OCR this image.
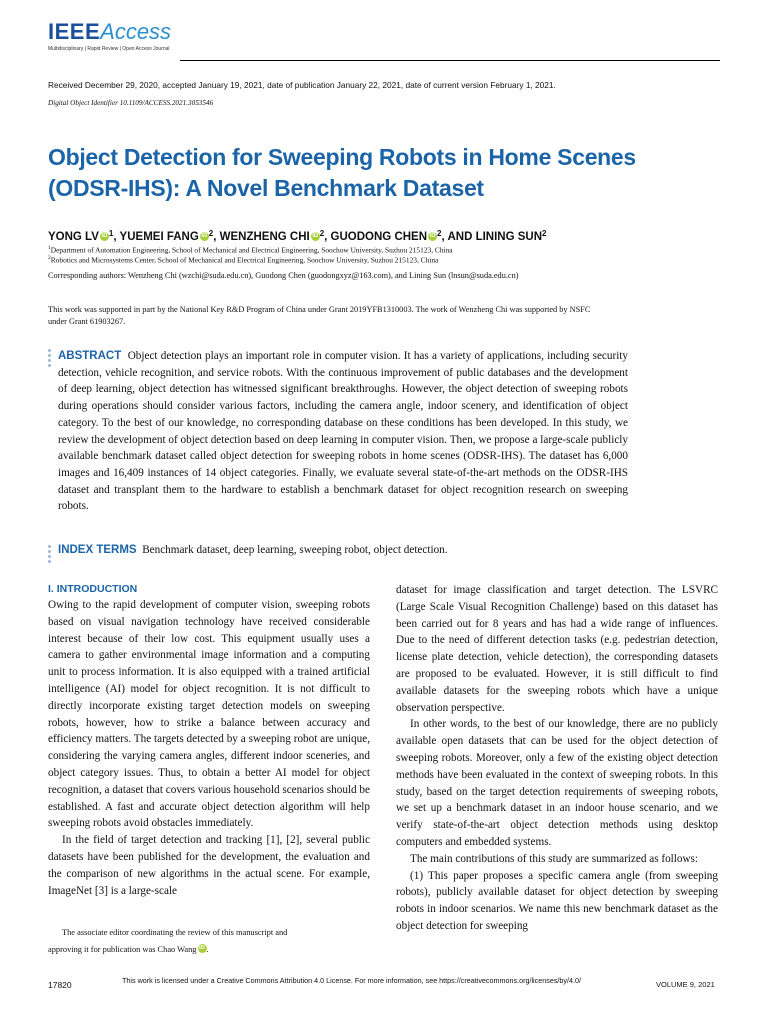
IEEEAccess
Multidisciplinary | Rapid Review | Open Access Journal
Received December 29, 2020, accepted January 19, 2021, date of publication January 22, 2021, date of current version February 1, 2021.
Digital Object Identifier 10.1109/ACCESS.2021.3053546
Object Detection for Sweeping Robots in Home Scenes (ODSR-IHS): A Novel Benchmark Dataset
YONG LV iD $^1$, YUEMEI FANG iD $^2$, WENZHENG CHI iD $^2$, GUODONG CHEN iD $^2$, AND LINING SUN$^2$
$^1$Department of Automation Engineering, School of Mechanical and Electrical Engineering, Soochow University, Suzhou 215123, China
$^2$Robotics and Microsystems Center, School of Mechanical and Electrical Engineering, Soochow University, Suzhou 215123, China
Corresponding authors: Wenzheng Chi (wzchi@suda.edu.cn), Guodong Chen (guodongxyz@163.com), and Lining Sun (lnsun@suda.edu.cn)
This work was supported in part by the National Key R&D Program of China under Grant 2019YFB1310003. The work of Wenzheng Chi was supported by NSFC under Grant 61903267.
ABSTRACT Object detection plays an important role in computer vision. It has a variety of applications, including security detection, vehicle recognition, and service robots. With the continuous improvement of public databases and the development of deep learning, object detection has witnessed significant breakthroughs. However, the object detection of sweeping robots during operations should consider various factors, including the camera angle, indoor scenery, and identification of object category. To the best of our knowledge, no corresponding database on these conditions has been developed. In this study, we review the development of object detection based on deep learning in computer vision. Then, we propose a large-scale publicly available benchmark dataset called object detection for sweeping robots in home scenes (ODSR-IHS). The dataset has 6,000 images and 16,409 instances of 14 object categories. Finally, we evaluate several state-of-the-art methods on the ODSR-IHS dataset and transplant them to the hardware to establish a benchmark dataset for object recognition research on sweeping robots.
INDEX TERMS Benchmark dataset, deep learning, sweeping robot, object detection.
I. INTRODUCTION

Owing to the rapid development of computer vision, sweeping robots based on visual navigation technology have received considerable interest because of their low cost. This equipment usually uses a camera to gather environmental image information and a computing unit to process information. It is also equipped with a trained artificial intelligence (AI) model for object recognition. It is not difficult to directly incorporate existing target detection models on sweeping robots, however, how to strike a balance between accuracy and efficiency matters. The targets detected by a sweeping robot are unique, considering the varying camera angles, different indoor sceneries, and object category issues. Thus, to obtain a better AI model for object recognition, a dataset that covers various household scenarios should be established. A fast and accurate object detection algorithm will help sweeping robots avoid obstacles immediately.

In the field of target detection and tracking [1], [2], several public datasets have been published for the development, the evaluation and the comparison of new algorithms in the actual scene. For example, ImageNet [3] is a large-scale

The associate editor coordinating the review of this manuscript and

approving it for publication was Chao Wang iD .

dataset for image classification and target detection. The LSVRC (Large Scale Visual Recognition Challenge) based on this dataset has been carried out for 8 years and has had a wide range of influences. Due to the need of different detection tasks (e.g. pedestrian detection, license plate detection, vehicle detection), the corresponding datasets are proposed to be evaluated. However, it is still difficult to find available datasets for the sweeping robots which have a unique observation perspective.

In other words, to the best of our knowledge, there are no publicly available open datasets that can be used for the object detection of sweeping robots. Moreover, only a few of the existing object detection methods have been evaluated in the context of sweeping robots. In this study, based on the target detection requirements of sweeping robots, we set up a benchmark dataset in an indoor house scenario, and we verify state-of-the-art object detection methods using desktop computers and embedded systems.

The main contributions of this study are summarized as follows:

(1) This paper proposes a specific camera angle (from sweeping robots), publicly available dataset for object detection by sweeping robots in indoor scenarios. We name this new benchmark dataset as the object detection for sweeping

17820	This work is licensed under a Creative Commons Attribution 4.0 License. For more information, see https://creativecommons.org/licenses/by/4.0/	VOLUME 9, 2021
